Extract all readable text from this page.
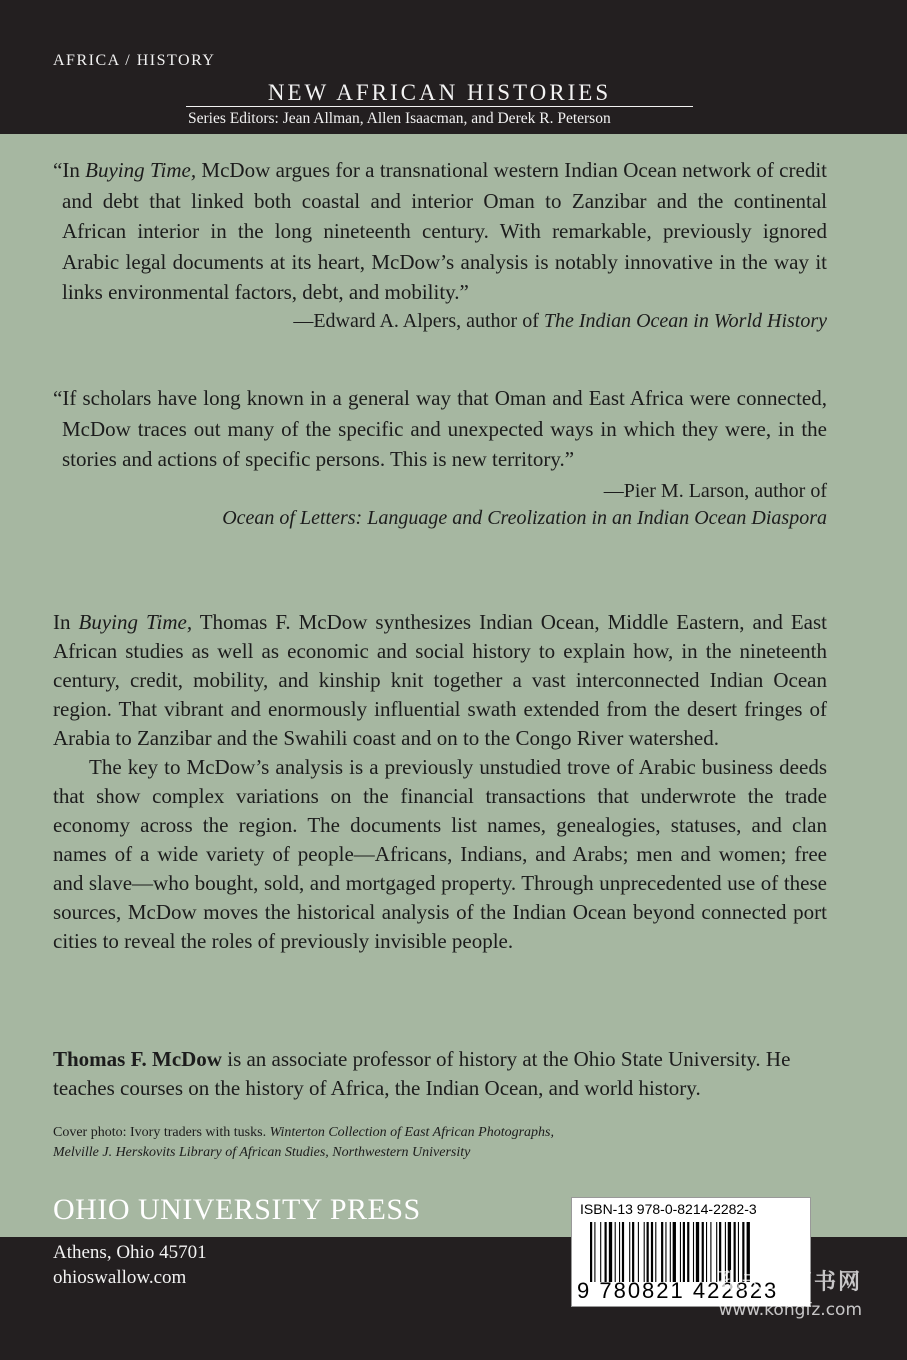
AFRICA / HISTORY
NEW AFRICAN HISTORIES
Series Editors: Jean Allman, Allen Isaacman, and Derek R. Peterson

“In Buying Time, McDow argues for a transnational western Indian Ocean network of credit and debt that linked both coastal and interior Oman to Zanzibar and the continental African interior in the long nineteenth century. With remarkable, previously ignored Arabic legal documents at its heart, McDow’s analysis is notably innovative in the way it links environmental factors, debt, and mobility.”

—Edward A. Alpers, author of The Indian Ocean in World History

“If scholars have long known in a general way that Oman and East Africa were connected, McDow traces out many of the specific and unexpected ways in which they were, in the stories and actions of specific persons. This is new territory.”

—Pier M. Larson, author of
Ocean of Letters: Language and Creolization in an Indian Ocean Diaspora

In Buying Time, Thomas F. McDow synthesizes Indian Ocean, Middle Eastern, and East African studies as well as economic and social history to explain how, in the nineteenth century, credit, mobility, and kinship knit together a vast interconnected Indian Ocean region. That vibrant and enormously influential swath extended from the desert fringes of Arabia to Zanzibar and the Swahili coast and on to the Congo River watershed.

The key to McDow’s analysis is a previously unstudied trove of Arabic business deeds that show complex variations on the financial transactions that underwrote the trade economy across the region. The documents list names, genealogies, statuses, and clan names of a wide variety of people—Africans, Indians, and Arabs; men and women; free and slave—who bought, sold, and mortgaged property. Through unprecedented use of these sources, McDow moves the historical analysis of the Indian Ocean beyond connected port cities to reveal the roles of previously invisible people.

Thomas F. McDow is an associate professor of history at the Ohio State University. He teaches courses on the history of Africa, the Indian Ocean, and world history.
Cover photo: Ivory traders with tusks. Winterton Collection of East African Photographs, Melville J. Herskovits Library of African Studies, Northwestern University
OHIO UNIVERSITY PRESS
Athens, Ohio 45701
ohioswallow.com
ISBN-13 978-0-8214-2282-3
9 780821 422823
孔夫子旧书网
www.kongfz.com
